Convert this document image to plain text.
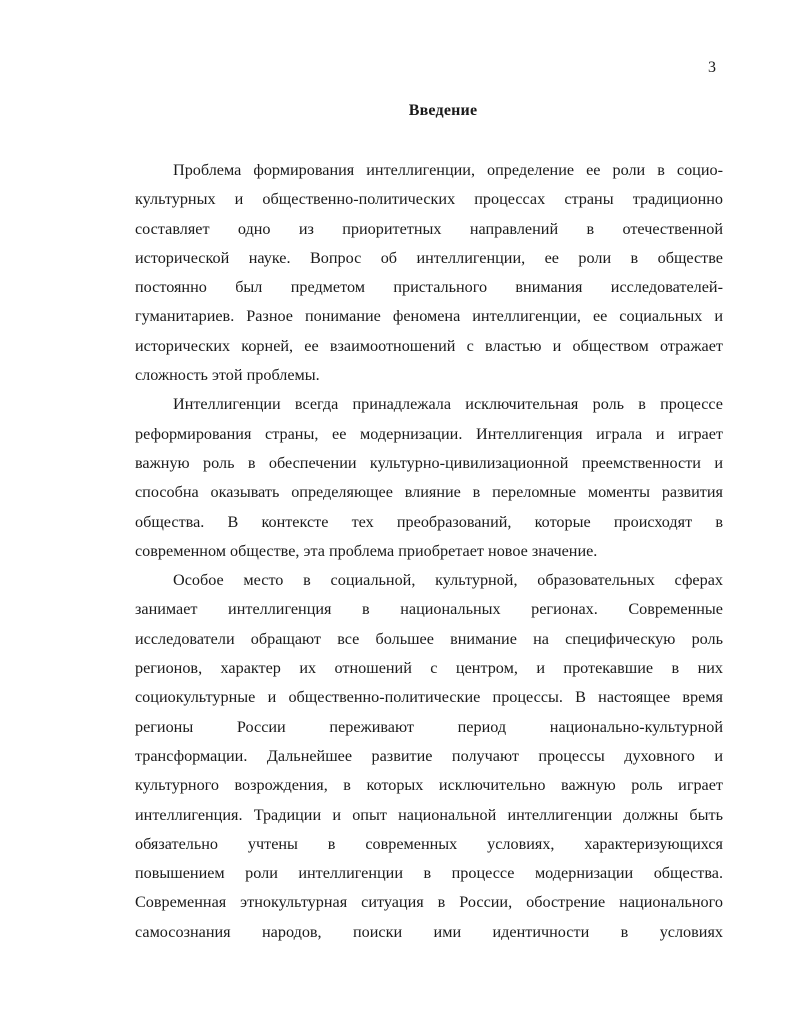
3
Введение
Проблема формирования интеллигенции, определение ее роли в социо-
культурных и общественно-политических процессах страны традиционно
составляет одно из приоритетных направлений в отечественной
исторической науке. Вопрос об интеллигенции, ее роли в обществе
постоянно был предметом пристального внимания исследователей-
гуманитариев. Разное понимание феномена интеллигенции, ее социальных и
исторических корней, ее взаимоотношений с властью и обществом отражает
сложность этой проблемы.
Интеллигенции всегда принадлежала исключительная роль в процессе
реформирования страны, ее модернизации. Интеллигенция играла и играет
важную роль в обеспечении культурно-цивилизационной преемственности и
способна оказывать определяющее влияние в переломные моменты развития
общества. В контексте тех преобразований, которые происходят в
современном обществе, эта проблема приобретает новое значение.
Особое место в социальной, культурной, образовательных сферах
занимает интеллигенция в национальных регионах. Современные
исследователи обращают все большее внимание на специфическую роль
регионов, характер их отношений с центром, и протекавшие в них
социокультурные и общественно-политические процессы. В настоящее время
регионы России переживают период национально-культурной
трансформации. Дальнейшее развитие получают процессы духовного и
культурного возрождения, в которых исключительно важную роль играет
интеллигенция. Традиции и опыт национальной интеллигенции должны быть
обязательно учтены в современных условиях, характеризующихся
повышением роли интеллигенции в процессе модернизации общества.
Современная этнокультурная ситуация в России, обострение национального
самосознания народов, поиски ими идентичности в условиях
